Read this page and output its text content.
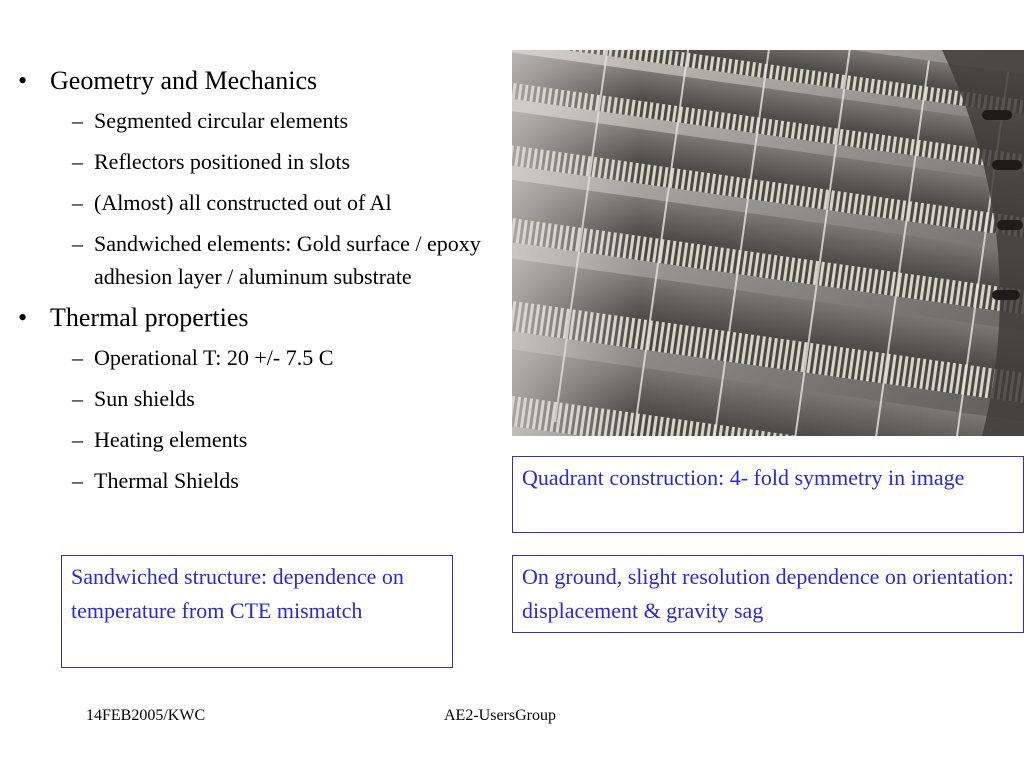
• Geometry and Mechanics
– Segmented circular elements
– Reflectors positioned in slots
– (Almost) all constructed out of Al
– Sandwiched elements: Gold surface / epoxy adhesion layer / aluminum substrate
• Thermal properties
– Operational T: 20 +/- 7.5 C
– Sun shields
– Heating elements
– Thermal Shields	Quadrant construction: 4- fold symmetry in image
On ground, slight resolution dependence on orientation: displacement & gravity sag
Sandwiched structure: dependence on temperature from CTE mismatch
14FEB2005/KWC	AE2-UsersGroup
